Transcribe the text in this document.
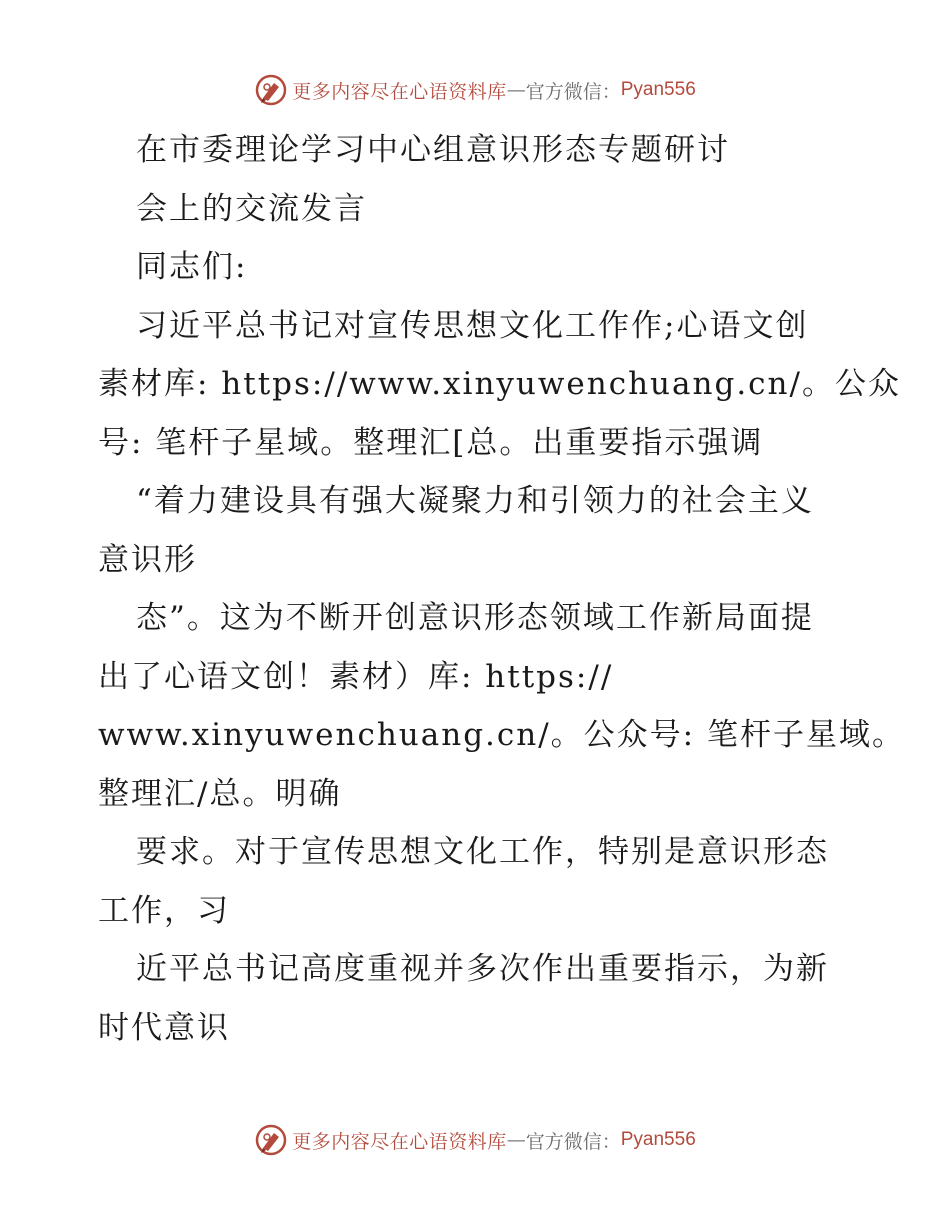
更多内容尽在心语资料库 — 官方微信： Pyan556
在市委理论学习中心组意识形态专题研讨
会上的交流发言
同志们:
习近平总书记对宣传思想文化工作作;心语文创
素材库: https://www.xinyuwenchuang.cn/。公众
号: 笔杆子星域。整理汇[总。出重要指示强调
“着力建设具有强大凝聚力和引领力的社会主义
意识形
态”。这为不断开创意识形态领域工作新局面提
出了心语文创！素材）库: https://
www.xinyuwenchuang.cn/。公众号: 笔杆子星域。
整理汇/总。明确
要求。对于宣传思想文化工作，特别是意识形态
工作，习
近平总书记高度重视并多次作出重要指示，为新
时代意识
更多内容尽在心语资料库 — 官方微信： Pyan556
